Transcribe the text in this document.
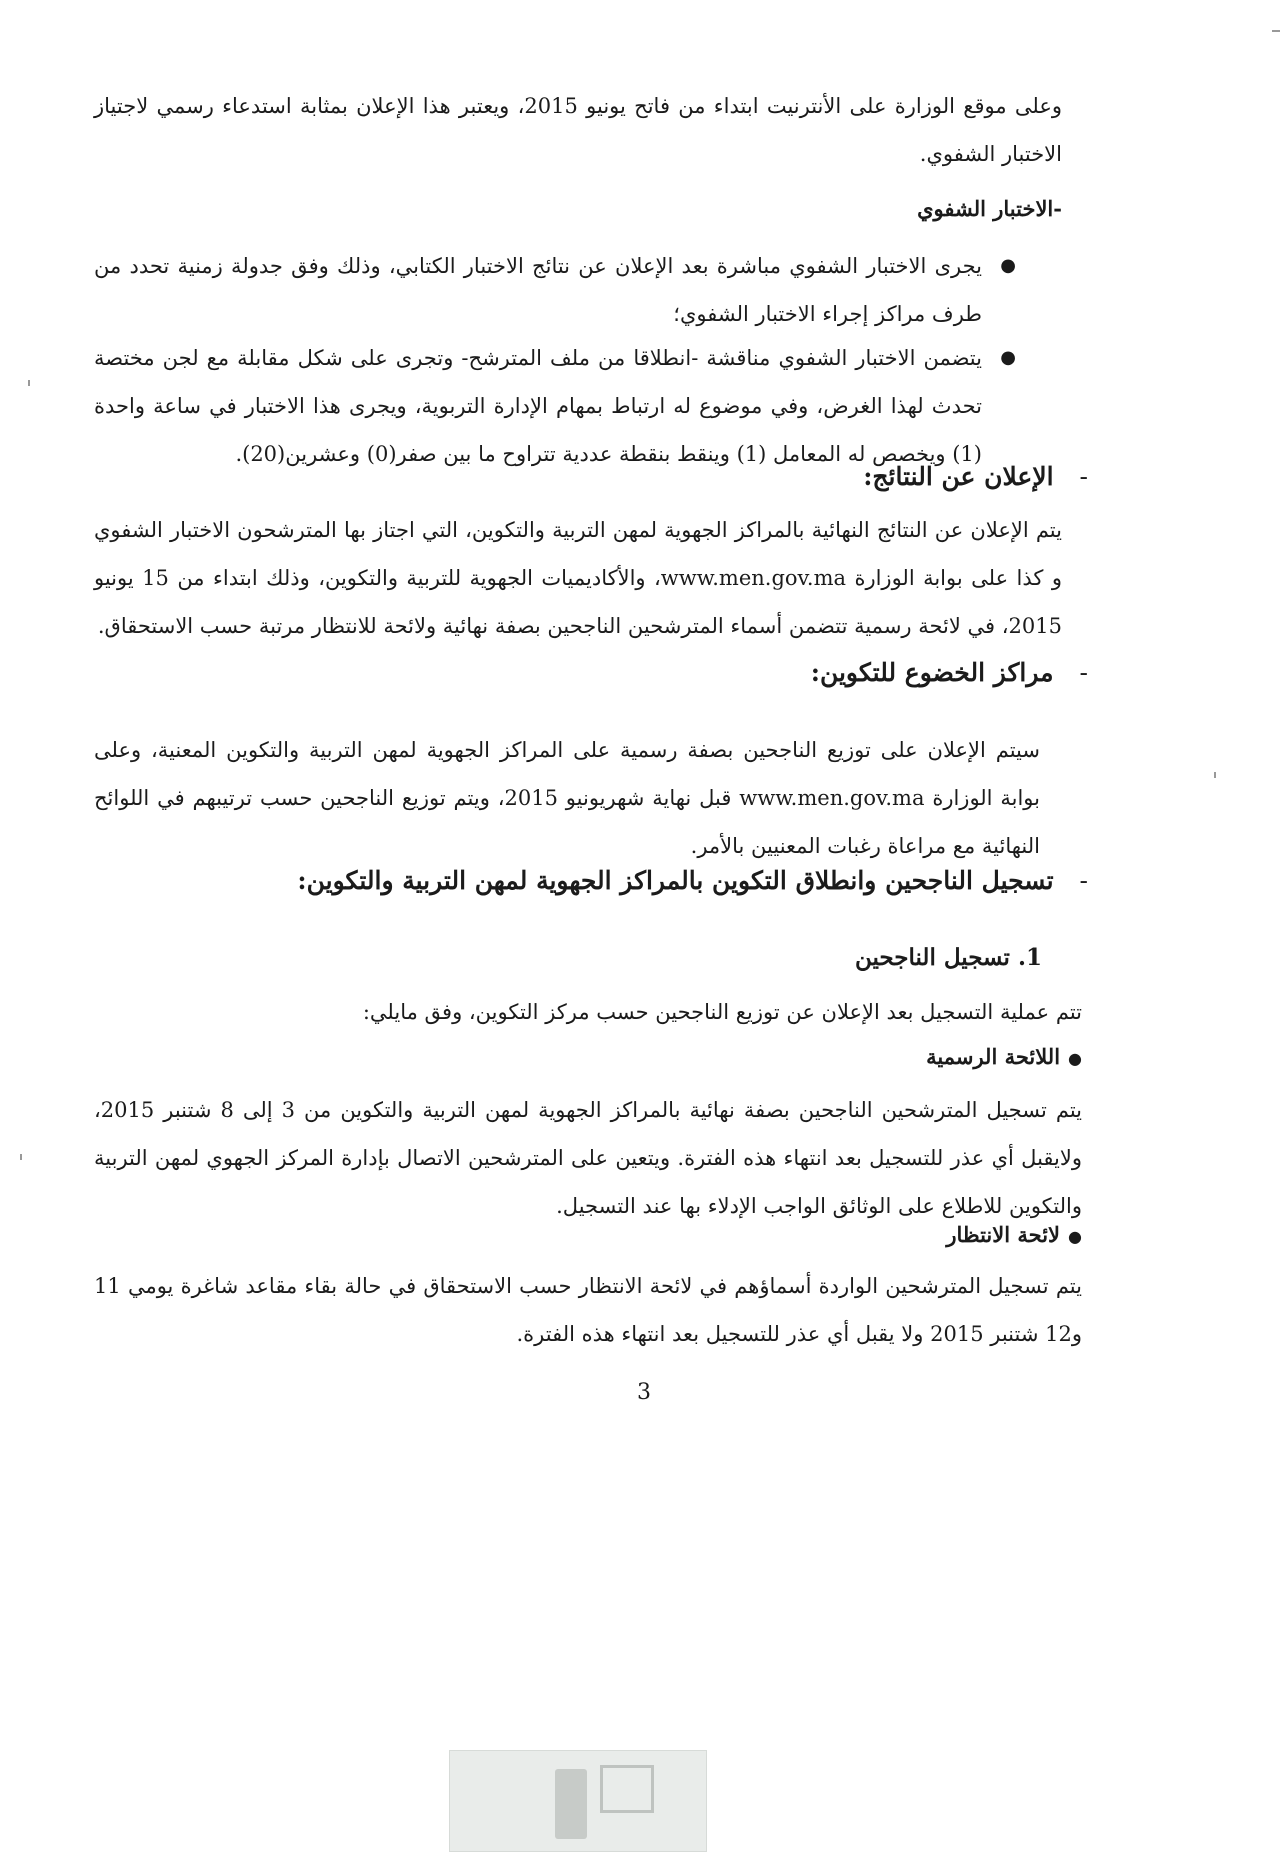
وعلى موقع الوزارة على الأنترنيت ابتداء من فاتح يونيو 2015، ويعتبر هذا الإعلان بمثابة استدعاء رسمي لاجتياز الاختبار الشفوي.

-الاختبار الشفوي

●

يجرى الاختبار الشفوي مباشرة بعد الإعلان عن نتائج الاختبار الكتابي، وذلك وفق جدولة زمنية تحدد من طرف مراكز إجراء الاختبار الشفوي؛

●

يتضمن الاختبار الشفوي مناقشة -انطلاقا من ملف المترشح- وتجرى على شكل مقابلة مع لجن مختصة تحدث لهذا الغرض، وفي موضوع له ارتباط بمهام الإدارة التربوية، ويجرى هذا الاختبار في ساعة واحدة (1) ويخصص له المعامل (1) وينقط بنقطة عددية تتراوح ما بين صفر(0) وعشرين(20).

-الإعلان عن النتائج:

يتم الإعلان عن النتائج النهائية بالمراكز الجهوية لمهن التربية والتكوين، التي اجتاز بها المترشحون الاختبار الشفوي و كذا على بوابة الوزارة www.men.gov.ma، والأكاديميات الجهوية للتربية والتكوين، وذلك ابتداء من 15 يونيو 2015، في لائحة رسمية تتضمن أسماء المترشحين الناجحين بصفة نهائية ولائحة للانتظار مرتبة حسب الاستحقاق.

-مراكز الخضوع للتكوين:

سيتم الإعلان على توزيع الناجحين بصفة رسمية على المراكز الجهوية لمهن التربية والتكوين المعنية، وعلى بوابة الوزارة www.men.gov.ma قبل نهاية شهريونيو 2015، ويتم توزيع الناجحين حسب ترتيبهم في اللوائح النهائية مع مراعاة رغبات المعنيين بالأمر.

-تسجيل الناجحين وانطلاق التكوين بالمراكز الجهوية لمهن التربية والتكوين:

1. تسجيل الناجحين

تتم عملية التسجيل بعد الإعلان عن توزيع الناجحين حسب مركز التكوين، وفق مايلي:

●اللائحة الرسمية

يتم تسجيل المترشحين الناجحين بصفة نهائية بالمراكز الجهوية لمهن التربية والتكوين من 3 إلى 8 شتنبر 2015، ولايقبل أي عذر للتسجيل بعد انتهاء هذه الفترة. ويتعين على المترشحين الاتصال بإدارة المركز الجهوي لمهن التربية والتكوين للاطلاع على الوثائق الواجب الإدلاء بها عند التسجيل.

●لائحة الانتظار

يتم تسجيل المترشحين الواردة أسماؤهم في لائحة الانتظار حسب الاستحقاق في حالة بقاء مقاعد شاغرة يومي 11 و12 شتنبر 2015 ولا يقبل أي عذر للتسجيل بعد انتهاء هذه الفترة.

3
